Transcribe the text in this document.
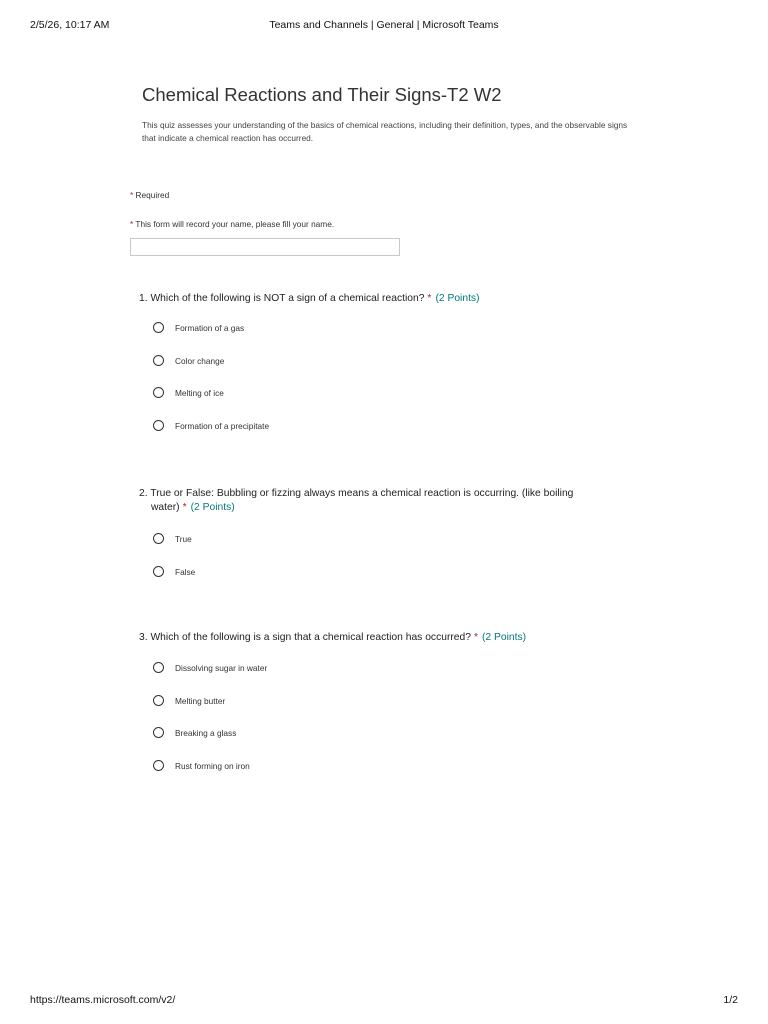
2/5/26, 10:17 AM	Teams and Channels | General | Microsoft Teams
Chemical Reactions and Their Signs-T2 W2

This quiz assesses your understanding of the basics of chemical reactions, including their definition, types, and the observable signs that indicate a chemical reaction has occurred.

* Required
* This form will record your name, please fill your name.
1. Which of the following is NOT a sign of a chemical reaction? * (2 Points)
Formation of a gas
Color change
Melting of ice
Formation of a precipitate
2. True or False: Bubbling or fizzing always means a chemical reaction is occurring. (like boiling water) * (2 Points)
True
False
3. Which of the following is a sign that a chemical reaction has occurred? * (2 Points)
Dissolving sugar in water
Melting butter
Breaking a glass
Rust forming on iron
https://teams.microsoft.com/v2/	1/2
